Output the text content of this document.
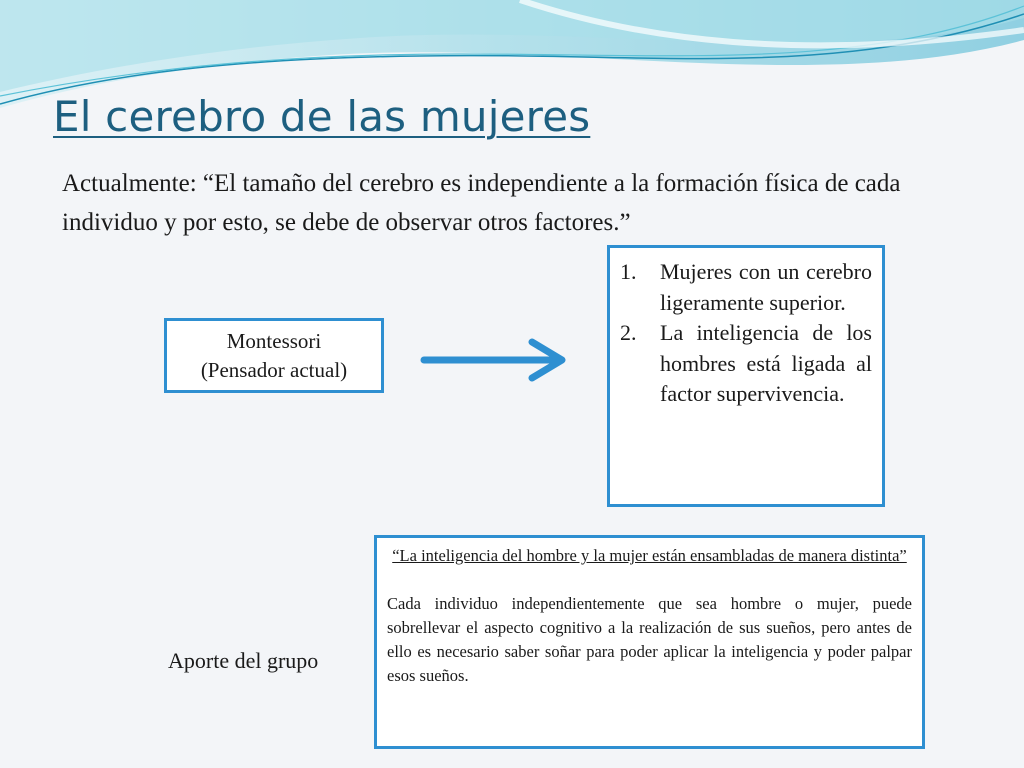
El cerebro de las mujeres

Actualmente: “El tamaño del cerebro es independiente a la formación física de cada individuo y por esto, se debe de observar otros factores.”

Montessori
(Pensador actual)
1.	Mujeres con un cerebro ligeramente superior.
2.	La inteligencia de los hombres está ligada al factor supervivencia.
Aporte del grupo

“La inteligencia del hombre y la mujer están ensambladas de manera distinta”

Cada individuo independientemente que sea hombre o mujer, puede sobrellevar el aspecto cognitivo a la realización de sus sueños, pero antes de ello es necesario saber soñar para poder aplicar la inteligencia y poder palpar esos sueños.
